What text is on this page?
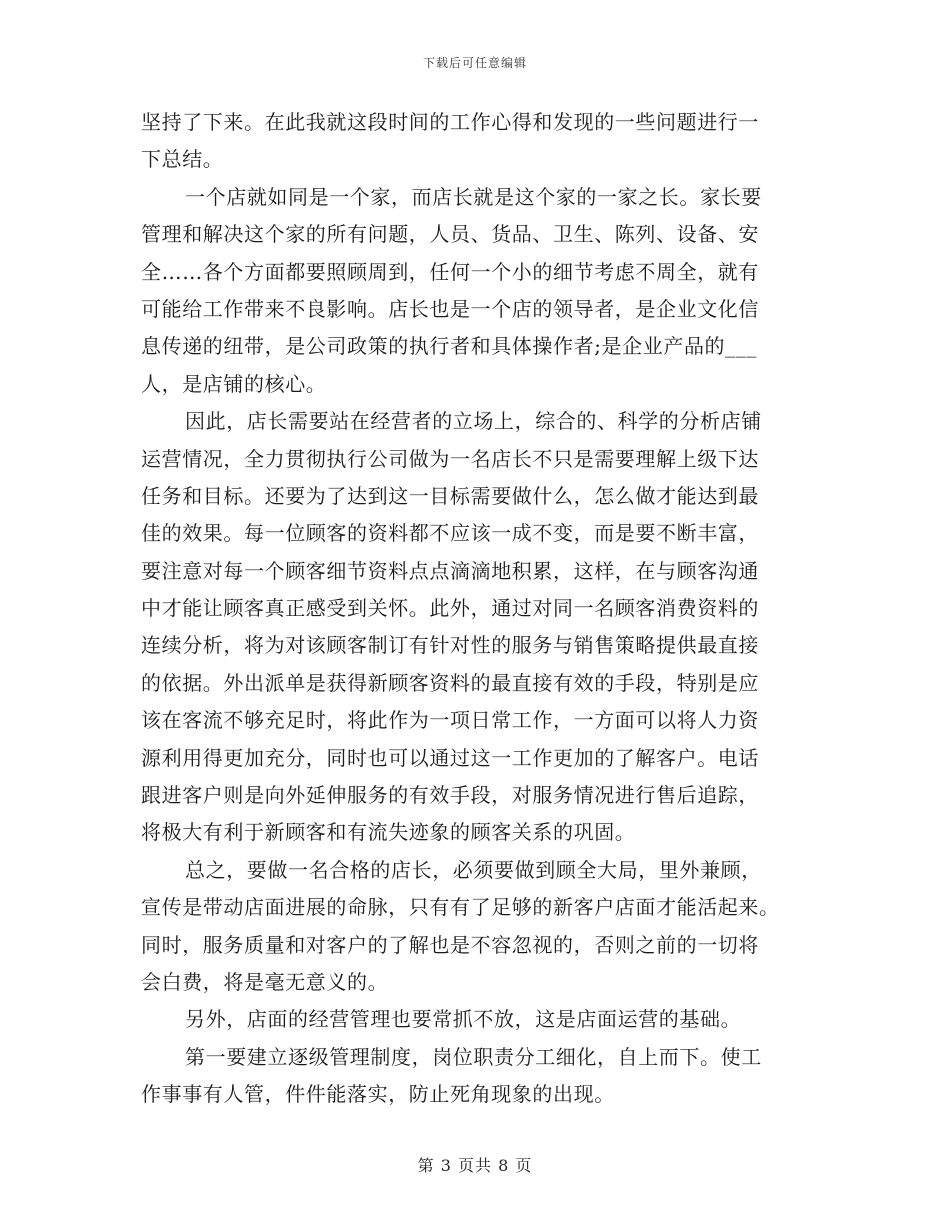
下载后可任意编辑
坚持了下来。在此我就这段时间的工作心得和发现的一些问题进行一
下总结。
一个店就如同是一个家，而店长就是这个家的一家之长。家长要
管理和解决这个家的所有问题，人员、货品、卫生、陈列、设备、安
全……各个方面都要照顾周到，任何一个小的细节考虑不周全，就有
可能给工作带来不良影响。店长也是一个店的领导者，是企业文化信
息传递的纽带，是公司政策的执行者和具体操作者;是企业产品的___
人，是店铺的核心。
因此，店长需要站在经营者的立场上，综合的、科学的分析店铺
运营情况，全力贯彻执行公司做为一名店长不只是需要理解上级下达
任务和目标。还要为了达到这一目标需要做什么，怎么做才能达到最
佳的效果。每一位顾客的资料都不应该一成不变，而是要不断丰富，
要注意对每一个顾客细节资料点点滴滴地积累，这样，在与顾客沟通
中才能让顾客真正感受到关怀。此外，通过对同一名顾客消费资料的
连续分析，将为对该顾客制订有针对性的服务与销售策略提供最直接
的依据。外出派单是获得新顾客资料的最直接有效的手段，特别是应
该在客流不够充足时，将此作为一项日常工作，一方面可以将人力资
源利用得更加充分，同时也可以通过这一工作更加的了解客户。电话
跟进客户则是向外延伸服务的有效手段，对服务情况进行售后追踪，
将极大有利于新顾客和有流失迹象的顾客关系的巩固。
总之，要做一名合格的店长，必须要做到顾全大局，里外兼顾，
宣传是带动店面进展的命脉，只有有了足够的新客户店面才能活起来。
同时，服务质量和对客户的了解也是不容忽视的，否则之前的一切将
会白费，将是毫无意义的。
另外，店面的经营管理也要常抓不放，这是店面运营的基础。
第一要建立逐级管理制度，岗位职责分工细化，自上而下。使工
作事事有人管，件件能落实，防止死角现象的出现。
第 3 页共 8 页
